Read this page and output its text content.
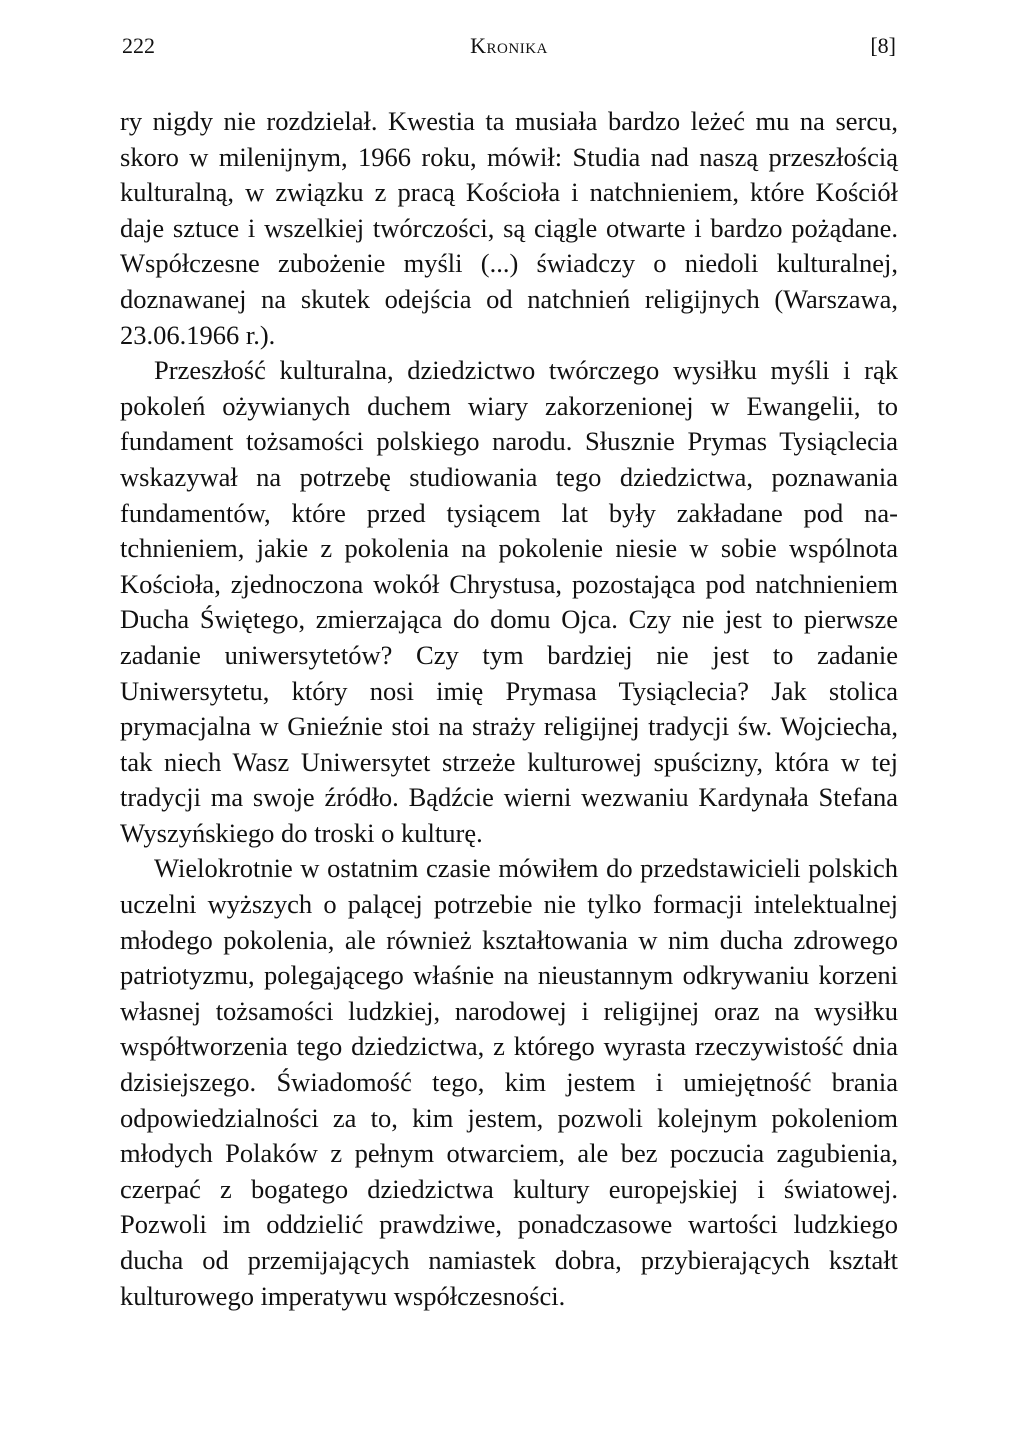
222	Kronika	[8]

ry nigdy nie rozdzielał. Kwestia ta musiała bardzo leżeć mu na sercu, skoro w milenijnym, 1966 roku, mówił: Studia nad naszą przeszłością kulturalną, w związku z pracą Kościoła i natchnieniem, które Kościół daje sztuce i wszelkiej twórczości, są ciągle otwarte i bardzo pożądane. Współczesne zubożenie myśli (...) świadczy o niedoli kulturalnej, doznawanej na skutek odejścia od natchnień religijnych (Warszawa, 23.06.1966 r.).

Przeszłość kulturalna, dziedzictwo twórczego wysiłku myśli i rąk pokoleń ożywianych duchem wiary zakorzenionej w Ewangelii, to fundament tożsamości polskiego narodu. Słusznie Prymas Tysiąclecia wskazywał na potrzebę studiowania tego dziedzictwa, poznawania fundamentów, które przed tysiącem lat były zakładane pod natchnieniem, jakie z pokolenia na pokolenie niesie w sobie wspólnota Kościoła, zjednoczona wokół Chrystusa, pozostająca pod natchnieniem Ducha Świętego, zmierzająca do domu Ojca. Czy nie jest to pierwsze zadanie uniwersytetów? Czy tym bardziej nie jest to zadanie Uniwersytetu, który nosi imię Prymasa Tysiąclecia? Jak stolica prymacjalna w Gnieźnie stoi na straży religijnej tradycji św. Wojciecha, tak niech Wasz Uniwersytet strzeże kulturowej spuścizny, która w tej tradycji ma swoje źródło. Bądźcie wierni wezwaniu Kardynała Stefana Wyszyńskiego do troski o kulturę.

Wielokrotnie w ostatnim czasie mówiłem do przedstawicieli polskich uczelni wyższych o palącej potrzebie nie tylko formacji intelektualnej młodego pokolenia, ale również kształtowania w nim ducha zdrowego patriotyzmu, polegającego właśnie na nieustannym odkrywaniu korzeni własnej tożsamości ludzkiej, narodowej i religijnej oraz na wysiłku współtworzenia tego dziedzictwa, z którego wyrasta rzeczywistość dnia dzisiejszego. Świadomość tego, kim jestem i umiejętność brania odpowiedzialności za to, kim jestem, pozwoli kolejnym pokoleniom młodych Polaków z pełnym otwarciem, ale bez poczucia zagubienia, czerpać z bogatego dziedzictwa kultury europejskiej i światowej. Pozwoli im oddzielić prawdziwe, ponadczasowe wartości ludzkiego ducha od przemijających namiastek dobra, przybierających kształt kulturowego imperatywu współczesności.
